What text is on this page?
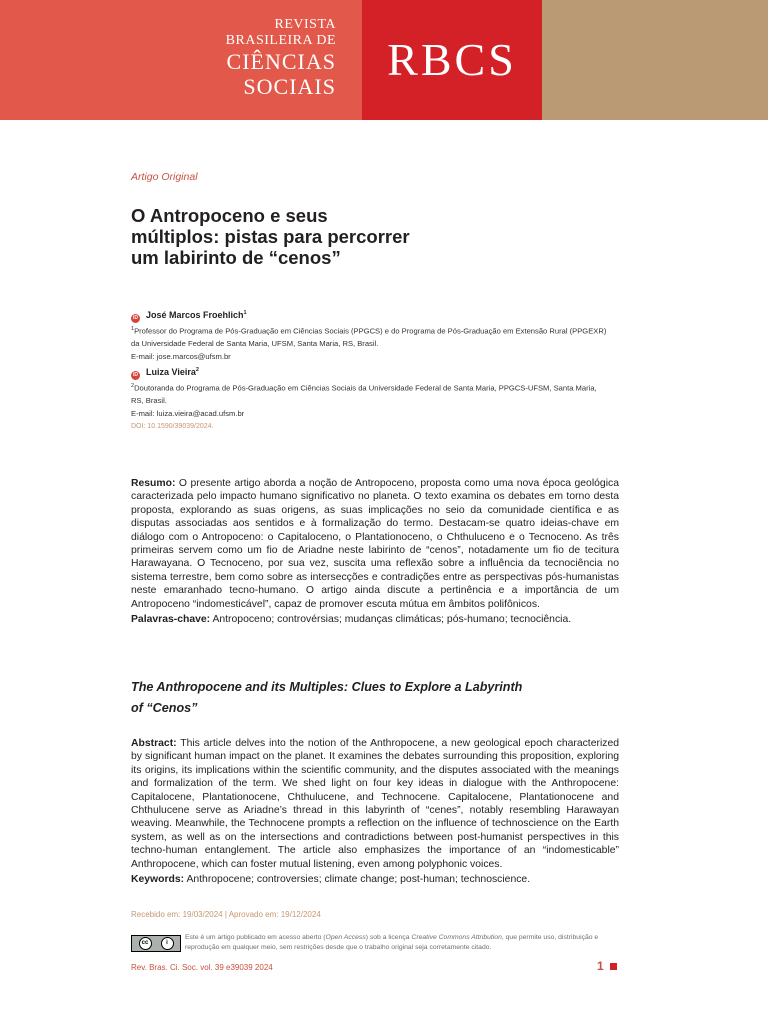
REVISTA
BRASILEIRA DE
CIÊNCIAS
SOCIAIS
RBCS
Artigo Original
O Antropoceno e seus múltiplos: pistas para percorrer um labirinto de “cenos”
iD José Marcos Froehlich$^1$
$^1$Professor do Programa de Pós-Graduação em Ciências Sociais (PPGCS) e do Programa de Pós-Graduação em Extensão Rural (PPGEXR) da Universidade Federal de Santa Maria, UFSM, Santa Maria, RS, Brasil.
E-mail: jose.marcos@ufsm.br
iD Luiza Vieira$^2$
$^2$Doutoranda do Programa de Pós-Graduação em Ciências Sociais da Universidade Federal de Santa Maria, PPGCS-UFSM, Santa Maria, RS, Brasil.
E-mail: luiza.vieira@acad.ufsm.br
DOI: 10.1590/39039/2024.

Resumo: O presente artigo aborda a noção de Antropoceno, proposta como uma nova época geológica caracterizada pelo impacto humano significativo no planeta. O texto examina os debates em torno desta proposta, explorando as suas origens, as suas implicações no seio da comunidade científica e as disputas associadas aos sentidos e à formalização do termo. Destacam-se quatro ideias-chave em diálogo com o Antropoceno: o Capitaloceno, o Plantationoceno, o Chthuluceno e o Tecnoceno. As três primeiras servem como um fio de Ariadne neste labirinto de “cenos”, notadamente um fio de tecitura Harawayana. O Tecnoceno, por sua vez, suscita uma reflexão sobre a influência da tecnociência no sistema terrestre, bem como sobre as intersecções e contradições entre as perspectivas pós-humanistas neste emaranhado tecno-humano. O artigo ainda discute a pertinência e a importância de um Antropoceno “indomesticável”, capaz de promover escuta mútua em âmbitos polifônicos.

Palavras-chave: Antropoceno; controvérsias; mudanças climáticas; pós-humano; tecnociência.

The Anthropocene and its Multiples: Clues to Explore a Labyrinth of “Cenos”

Abstract: This article delves into the notion of the Anthropocene, a new geological epoch characterized by significant human impact on the planet. It examines the debates surrounding this proposition, exploring its origins, its implications within the scientific community, and the disputes associated with the meanings and formalization of the term. We shed light on four key ideas in dialogue with the Anthropocene: Capitalocene, Plantationocene, Chthulucene, and Technocene. Capitalocene, Plantationocene and Chthulucene serve as Ariadne’s thread in this labyrinth of “cenes”, notably resembling Harawayan weaving. Meanwhile, the Technocene prompts a reflection on the influence of technoscience on the Earth system, as well as on the intersections and contradictions between post-humanist perspectives in this techno-human entanglement. The article also emphasizes the importance of an “indomesticable” Anthropocene, which can foster mutual listening, even among polyphonic voices.

Keywords: Anthropocene; controversies; climate change; post-human; technoscience.

Recebido em: 19/03/2024 | Aprovado em: 19/12/2024
cc	i
Este é um artigo publicado em acesso aberto (Open Access) sob a licença Creative Commons Attribution, que permite uso, distribuição e reprodução em qualquer meio, sem restrições desde que o trabalho original seja corretamente citado.
Rev. Bras. Ci. Soc. vol. 39 e39039 2024	1
